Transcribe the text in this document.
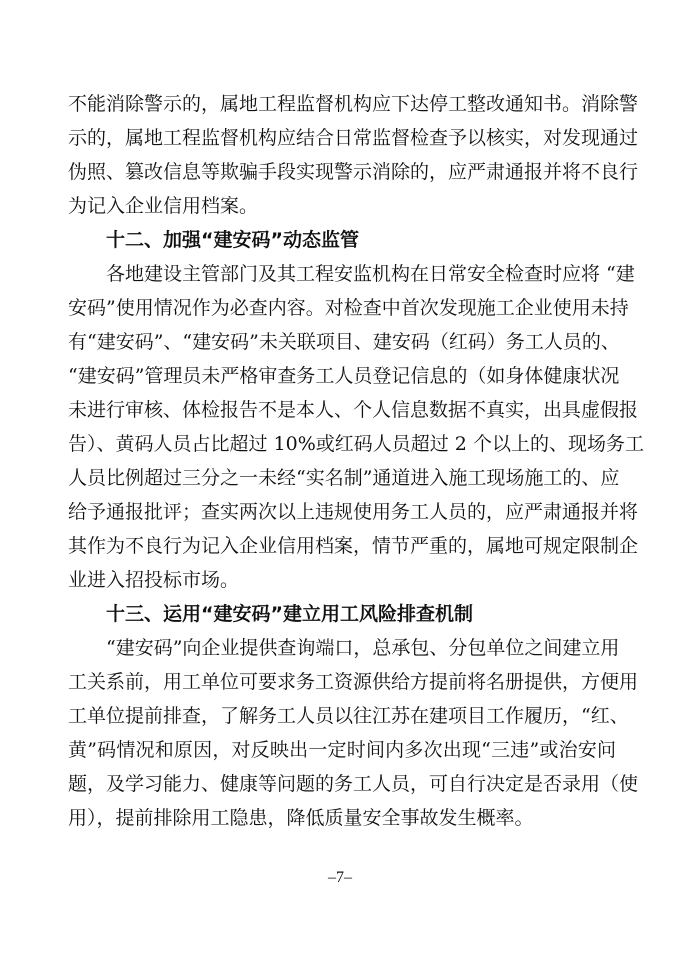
不能消除警示的，属地工程监督机构应下达停工整改通知书。消除警
示的，属地工程监督机构应结合日常监督检查予以核实，对发现通过
伪照、篡改信息等欺骗手段实现警示消除的，应严肃通报并将不良行
为记入企业信用档案。
十二、加强“建安码”动态监管
各地建设主管部门及其工程安监机构在日常安全检查时应将 “建
安码”使用情况作为必查内容。对检查中首次发现施工企业使用未持
有“建安码”、“建安码”未关联项目、建安码（红码）务工人员的、
“建安码”管理员未严格审查务工人员登记信息的（如身体健康状况
未进行审核、体检报告不是本人、个人信息数据不真实，出具虚假报
告）、黄码人员占比超过 10%或红码人员超过 2 个以上的、现场务工
人员比例超过三分之一未经“实名制”通道进入施工现场施工的、应
给予通报批评；查实两次以上违规使用务工人员的，应严肃通报并将
其作为不良行为记入企业信用档案，情节严重的，属地可规定限制企
业进入招投标市场。
十三、运用“建安码”建立用工风险排查机制
“建安码”向企业提供查询端口，总承包、分包单位之间建立用
工关系前，用工单位可要求务工资源供给方提前将名册提供，方便用
工单位提前排查，了解务工人员以往江苏在建项目工作履历，“红、
黄”码情况和原因，对反映出一定时间内多次出现“三违”或治安问
题，及学习能力、健康等问题的务工人员，可自行决定是否录用（使
用），提前排除用工隐患，降低质量安全事故发生概率。
–7–
